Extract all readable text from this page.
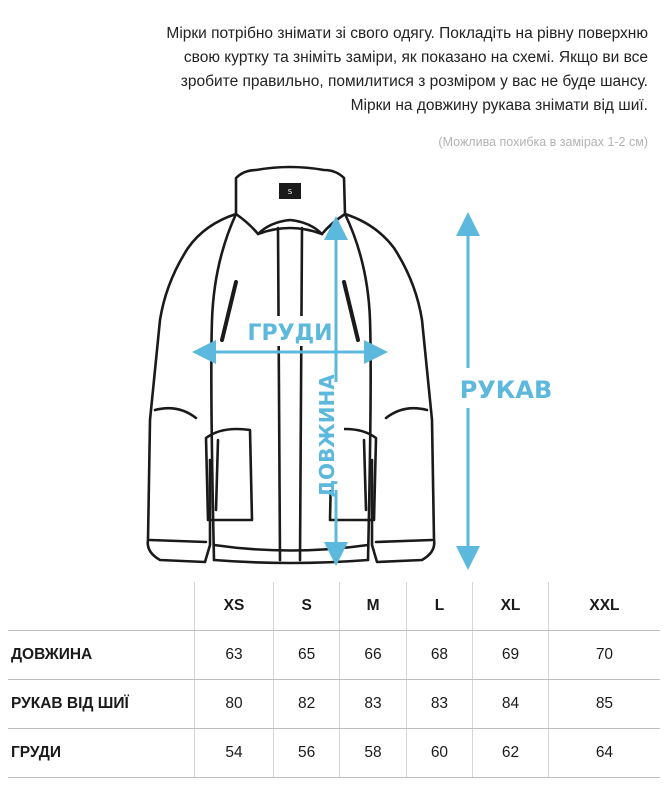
Мірки потрібно знімати зі свого одягу. Покладіть на рівну поверхню
свою куртку та зніміть заміри, як показано на схемі. Якщо ви все
зробите правильно, помилитися з розміром у вас не буде шансу.
Мірки на довжину рукава знімати від шиї.
(Можлива похибка в замірах 1-2 см)
S
ГРУДИ
ДОВЖИНА	РУКАВ
	XS	S	M	L	XL	XXL
ДОВЖИНА	63	65	66	68	69	70
РУКАВ ВІД ШИЇ	80	82	83	83	84	85
ГРУДИ	54	56	58	60	62	64
